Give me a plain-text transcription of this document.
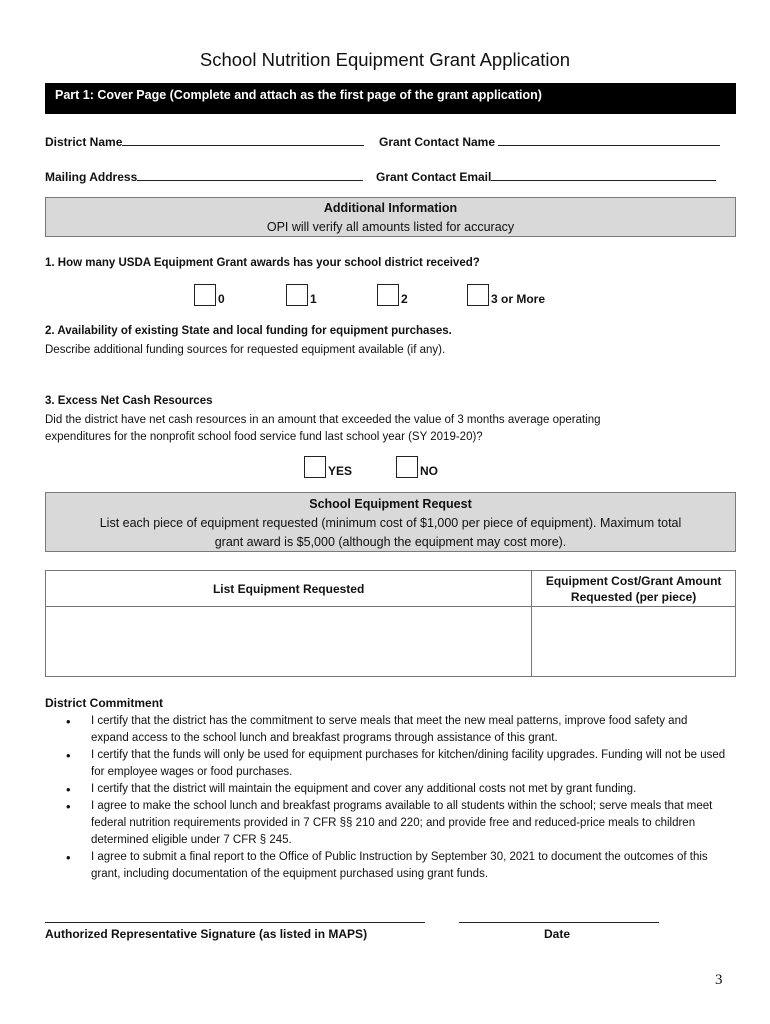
School Nutrition Equipment Grant Application
Part 1: Cover Page (Complete and attach as the first page of the grant application)
District Name	Grant Contact Name
Mailing Address	Grant Contact Email
Additional Information
OPI will verify all amounts listed for accuracy
1. How many USDA Equipment Grant awards has your school district received?
0	1	2	3 or More
2. Availability of existing State and local funding for equipment purchases.
Describe additional funding sources for requested equipment available (if any).
3. Excess Net Cash Resources
Did the district have net cash resources in an amount that exceeded the value of 3 months average operating
expenditures for the nonprofit school food service fund last school year (SY 2019-20)?
YES	NO
School Equipment Request
List each piece of equipment requested (minimum cost of $1,000 per piece of equipment). Maximum total
grant award is $5,000 (although the equipment may cost more).
List Equipment Requested	Equipment Cost/Grant Amount
Requested (per piece)

District Commitment
• I certify that the district has the commitment to serve meals that meet the new meal patterns, improve food safety and expand access to the school lunch and breakfast programs through assistance of this grant.
• I certify that the funds will only be used for equipment purchases for kitchen/dining facility upgrades. Funding will not be used for employee wages or food purchases.
• I certify that the district will maintain the equipment and cover any additional costs not met by grant funding.
• I agree to make the school lunch and breakfast programs available to all students within the school; serve meals that meet federal nutrition requirements provided in 7 CFR §§ 210 and 220; and provide free and reduced-price meals to children determined eligible under 7 CFR § 245.
• I agree to submit a final report to the Office of Public Instruction by September 30, 2021 to document the outcomes of this grant, including documentation of the equipment purchased using grant funds.
Authorized Representative Signature (as listed in MAPS)	Date
3
